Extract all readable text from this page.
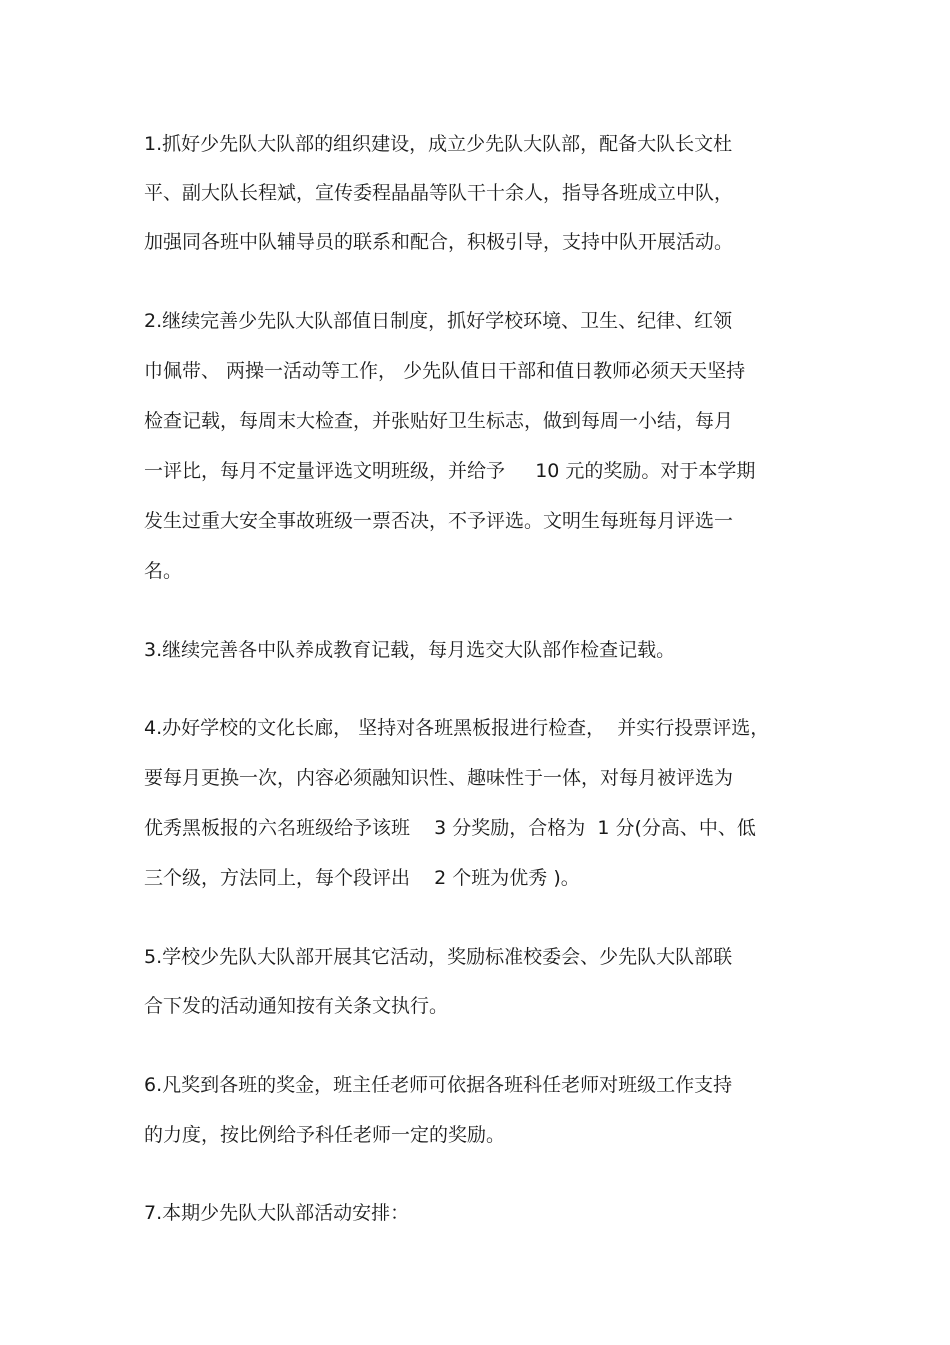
1.抓好少先队大队部的组织建设，成立少先队大队部，配备大队长文杜
平、副大队长程斌，宣传委程晶晶等队干十余人，指导各班成立中队，
加强同各班中队辅导员的联系和配合，积极引导，支持中队开展活动。
2.继续完善少先队大队部值日制度，抓好学校环境、卫生、纪律、红领
巾佩带、 两操一活动等工作， 少先队值日干部和值日教师必须天天坚持
检查记载，每周末大检查，并张贴好卫生标志，做到每周一小结，每月
一评比，每月不定量评选文明班级，并给予     10 元的奖励。对于本学期
发生过重大安全事故班级一票否决，不予评选。文明生每班每月评选一
名。
3.继续完善各中队养成教育记载，每月选交大队部作检查记载。
4.办好学校的文化长廊， 坚持对各班黑板报进行检查，  并实行投票评选，
要每月更换一次，内容必须融知识性、趣味性于一体，对每月被评选为
优秀黑板报的六名班级给予该班    3 分奖励，合格为  1 分(分高、中、低
三个级，方法同上，每个段评出    2 个班为优秀 )。
5.学校少先队大队部开展其它活动，奖励标准校委会、少先队大队部联
合下发的活动通知按有关条文执行。
6.凡奖到各班的奖金，班主任老师可依据各班科任老师对班级工作支持
的力度，按比例给予科任老师一定的奖励。
7.本期少先队大队部活动安排：
